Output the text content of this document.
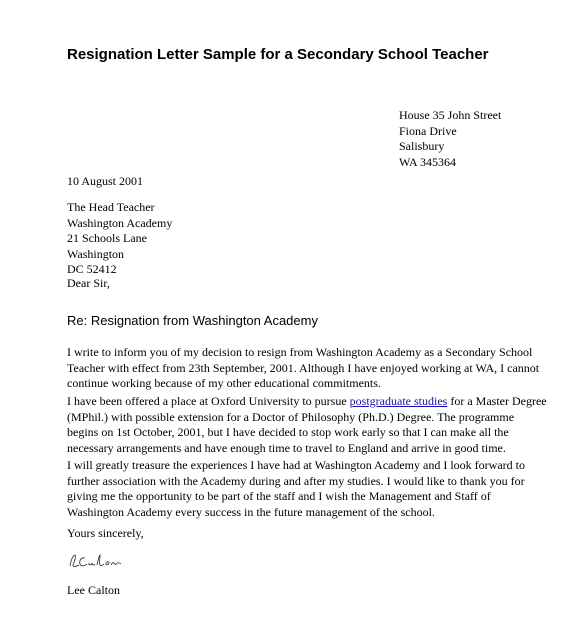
Resignation Letter Sample for a Secondary School Teacher
House 35 John Street
Fiona Drive
Salisbury
WA 345364
10 August 2001
The Head Teacher
Washington Academy
21 Schools Lane
Washington
DC 52412
Dear Sir,
Re: Resignation from Washington Academy
I write to inform you of my decision to resign from Washington Academy as a Secondary School
Teacher with effect from 23th September, 2001. Although I have enjoyed working at WA, I cannot
continue working because of my other educational commitments.
I have been offered a place at Oxford University to pursue postgraduate studies for a Master Degree
(MPhil.) with possible extension for a Doctor of Philosophy (Ph.D.) Degree. The programme
begins on 1st October, 2001, but I have decided to stop work early so that I can make all the
necessary arrangements and have enough time to travel to England and arrive in good time.
I will greatly treasure the experiences I have had at Washington Academy and I look forward to
further association with the Academy during and after my studies. I would like to thank you for
giving me the opportunity to be part of the staff and I wish the Management and Staff of
Washington Academy every success in the future management of the school.
Yours sincerely,
Lee Calton
